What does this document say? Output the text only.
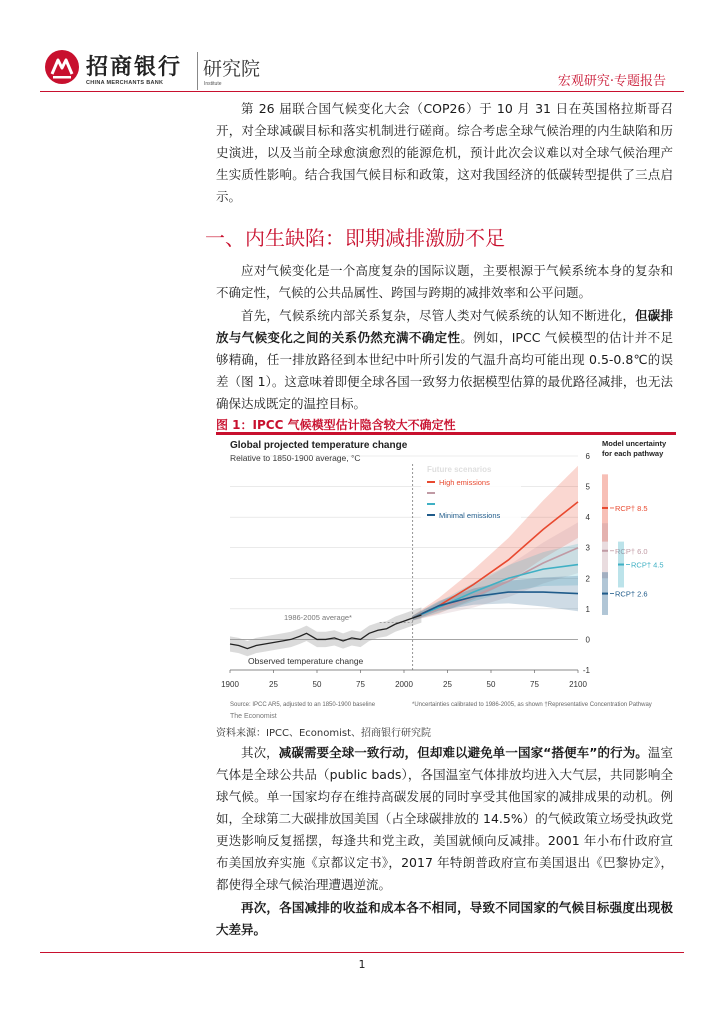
招商银行
CHINA MERCHANTS BANK
研究院
Institute	宏观研究·专题报告

第 26 届联合国气候变化大会（COP26）于 10 月 31 日在英国格拉斯哥召开，对全球减碳目标和落实机制进行磋商。综合考虑全球气候治理的内生缺陷和历史演进，以及当前全球愈演愈烈的能源危机，预计此次会议难以对全球气候治理产生实质性影响。结合我国气候目标和政策，这对我国经济的低碳转型提供了三点启示。

一、内生缺陷：即期减排激励不足

应对气候变化是一个高度复杂的国际议题，主要根源于气候系统本身的复杂和不确定性，气候的公共品属性、跨国与跨期的减排效率和公平问题。

首先，气候系统内部关系复杂，尽管人类对气候系统的认知不断进化，但碳排放与气候变化之间的关系仍然充满不确定性。例如，IPCC 气候模型的估计并不足够精确，任一排放路径到本世纪中叶所引发的气温升高均可能出现 0.5-0.8℃的误差（图 1）。这意味着即便全球各国一致努力依据模型估算的最优路径减排，也无法确保达成既定的温控目标。

图 1：IPCC 气候模型估计隐含较大不确定性
Global projected temperature change
Relative to 1850-1900 average, °C	6
5
4
3
2
1
0
-1
1900	25	50	75	2000	25	50	75	2100
1986-2005 average*
Observed temperature change
High emissions
Minimal emissions
Model uncertainty
for each pathway
RCP† 8.5
RCP† 6.0
RCP† 4.5
RCP† 2.6
Source: IPCC AR5, adjusted to an 1850-1900 baseline	*Uncertainties calibrated to 1986-2005, as shown †Representative Concentration Pathway
The Economist
资料来源：IPCC、Economist、招商银行研究院

其次，减碳需要全球一致行动，但却难以避免单一国家“搭便车”的行为。温室气体是全球公共品（public bads），各国温室气体排放均进入大气层，共同影响全球气候。单一国家均存在维持高碳发展的同时享受其他国家的减排成果的动机。例如，全球第二大碳排放国美国（占全球碳排放的 14.5%）的气候政策立场受执政党更迭影响反复摇摆，每逢共和党主政，美国就倾向反减排。2001 年小布什政府宣布美国放弃实施《京都议定书》，2017 年特朗普政府宣布美国退出《巴黎协定》，都使得全球气候治理遭遇逆流。

再次，各国减排的收益和成本各不相同，导致不同国家的气候目标强度出现极大差异。

1
